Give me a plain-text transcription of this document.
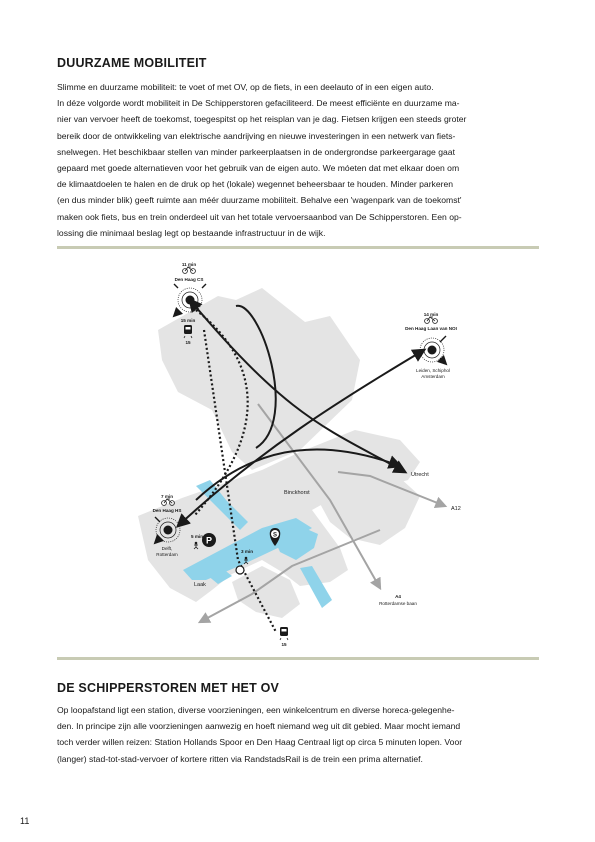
DUURZAME MOBILITEIT

Slimme en duurzame mobiliteit: te voet of met OV, op de fiets, in een deelauto of in een eigen auto.
In déze volgorde wordt mobiliteit in De Schipperstoren gefaciliteerd. De meest efficiënte en duurzame ma-
nier van vervoer heeft de toekomst, toegespitst op het reisplan van je dag. Fietsen krijgen een steeds groter
bereik door de ontwikkeling van elektrische aandrijving en nieuwe investeringen in een netwerk van fiets-
snelwegen. Het beschikbaar stellen van minder parkeerplaatsen in de ondergrondse parkeergarage gaat
gepaard met goede alternatieven voor het gebruik van de eigen auto. We móeten dat met elkaar doen om
de klimaatdoelen te halen en de druk op het (lokale) wegennet beheersbaar te houden. Minder parkeren
(en dus minder blik) geeft ruimte aan méér duurzame mobiliteit. Behalve een 'wagenpark van de toekomst'
maken ook fiets, bus en trein onderdeel uit van het totale vervoersaanbod van De Schipperstoren. Een op-
lossing die minimaal beslag legt op bestaande infrastructuur in de wijk.

P	S
11 min
Den Haag CS
15 min
15
14 min
Den Haag Laan van NOI
Leiden, Schiphol
Amsterdam
7 min
Den Haag HS
Delft,
Rotterdam
5 min
3 min
15
A4
Rotterdamse baan
Utrecht
Binckhorst
A12
Laak
DE SCHIPPERSTOREN MET HET OV

Op loopafstand ligt een station, diverse voorzieningen, een winkelcentrum en diverse horeca-gelegenhe-
den. In principe zijn alle voorzieningen aanwezig en hoeft niemand weg uit dit gebied. Maar mocht iemand
toch verder willen reizen: Station Hollands Spoor en Den Haag Centraal ligt op circa 5 minuten lopen. Voor
(langer) stad-tot-stad-vervoer of kortere ritten via RandstadsRail is de trein een prima alternatief.

11
